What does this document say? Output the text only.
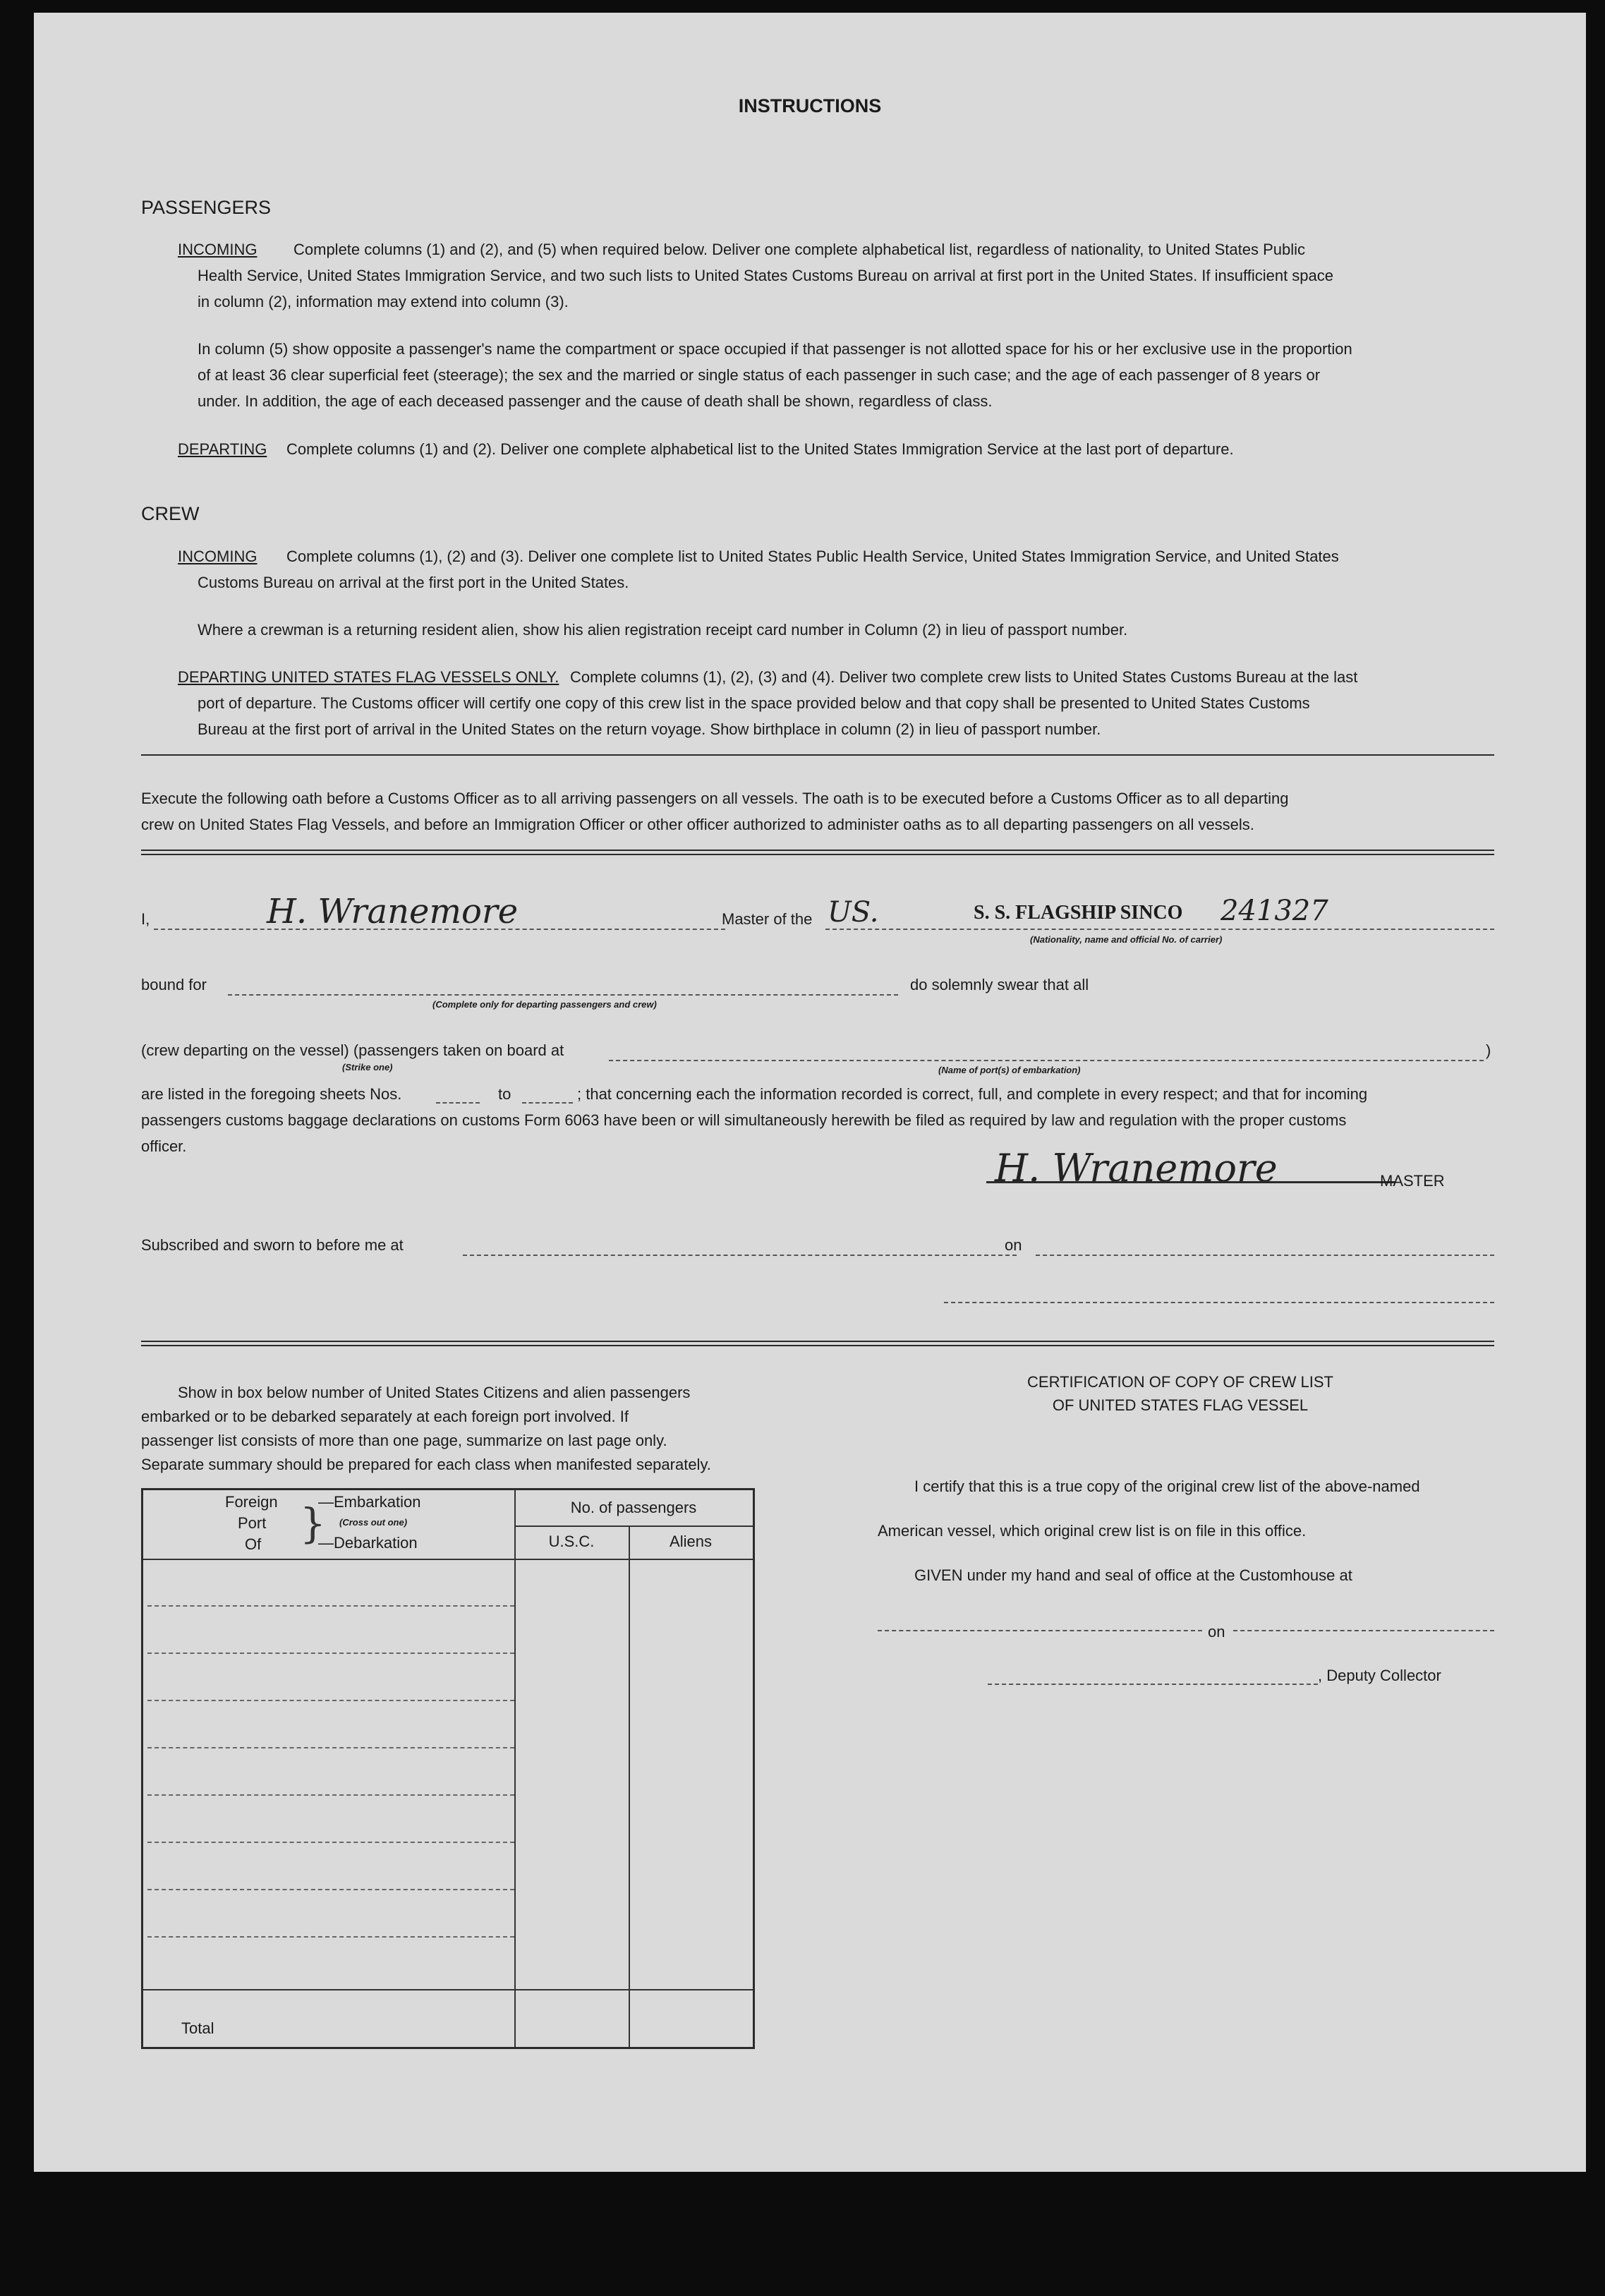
INSTRUCTIONS
PASSENGERS
INCOMING Complete columns (1) and (2), and (5) when required below. Deliver one complete alphabetical list, regardless of nationality, to United States Public
Health Service, United States Immigration Service, and two such lists to United States Customs Bureau on arrival at first port in the United States. If insufficient space
in column (2), information may extend into column (3).
In column (5) show opposite a passenger's name the compartment or space occupied if that passenger is not allotted space for his or her exclusive use in the proportion
of at least 36 clear superficial feet (steerage); the sex and the married or single status of each passenger in such case; and the age of each passenger of 8 years or
under. In addition, the age of each deceased passenger and the cause of death shall be shown, regardless of class.
DEPARTING Complete columns (1) and (2). Deliver one complete alphabetical list to the United States Immigration Service at the last port of departure.
CREW
INCOMING Complete columns (1), (2) and (3). Deliver one complete list to United States Public Health Service, United States Immigration Service, and United States
Customs Bureau on arrival at the first port in the United States.
Where a crewman is a returning resident alien, show his alien registration receipt card number in Column (2) in lieu of passport number.
DEPARTING UNITED STATES FLAG VESSELS ONLY. Complete columns (1), (2), (3) and (4). Deliver two complete crew lists to United States Customs Bureau at the last
port of departure. The Customs officer will certify one copy of this crew list in the space provided below and that copy shall be presented to United States Customs
Bureau at the first port of arrival in the United States on the return voyage. Show birthplace in column (2) in lieu of passport number.
Execute the following oath before a Customs Officer as to all arriving passengers on all vessels. The oath is to be executed before a Customs Officer as to all departing
crew on United States Flag Vessels, and before an Immigration Officer or other officer authorized to administer oaths as to all departing passengers on all vessels.
I,	H. Wranemore	Master of the US.	S. S. FLAGSHIP SINCO 241327
(Nationality, name and official No. of carrier)
bound for
(Complete only for departing passengers and crew)
do solemnly swear that all
(crew departing on the vessel) (passengers taken on board at
(Strike one)	(Name of port(s) of embarkation)
)
are listed in the foregoing sheets Nos.	to	; that concerning each the information recorded is correct, full, and complete in every respect; and that for incoming
passengers customs baggage declarations on customs Form 6063 have been or will simultaneously herewith be filed as required by law and regulation with the proper customs
officer.	H. Wranemore	MASTER
Subscribed and sworn to before me at	on
Show in box below number of United States Citizens and alien passengers
embarked or to be debarked separately at each foreign port involved. If
passenger list consists of more than one page, summarize on last page only.
Separate summary should be prepared for each class when manifested separately.
Foreign
Port
Of }
—Embarkation
(Cross out one)
—Debarkation
No. of passengers
U.S.C.	Aliens
Total
CERTIFICATION OF COPY OF CREW LIST
OF UNITED STATES FLAG VESSEL
I certify that this is a true copy of the original crew list of the above-named
American vessel, which original crew list is on file in this office.
GIVEN under my hand and seal of office at the Customhouse at
on
, Deputy Collector
